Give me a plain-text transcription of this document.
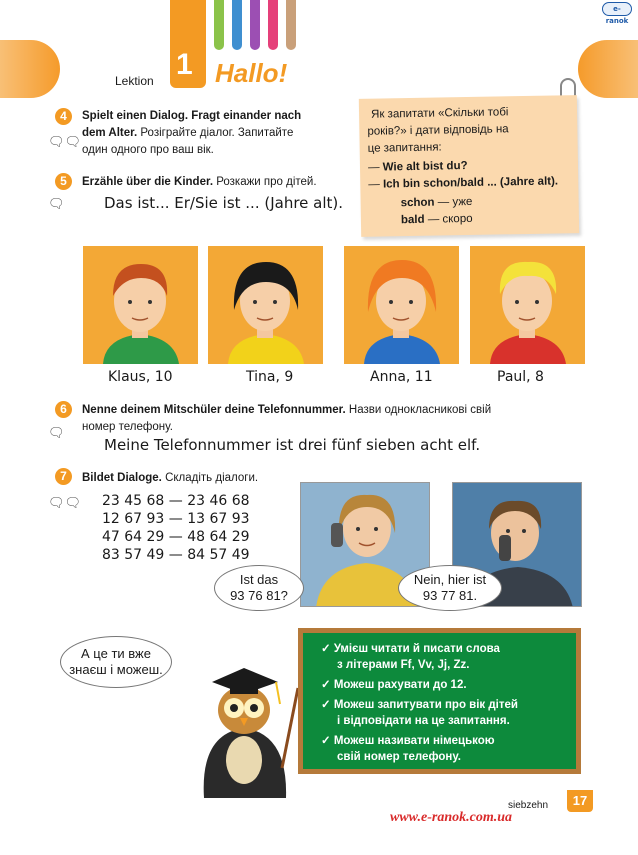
Lektion 1 Hallo!
e-ranok
4
🗨🗨
Spielt einen Dialog. Fragt einander nach
dem Alter. Розіграйте діалог. Запитайте
один одного про ваш вік.
5
🗨
Erzähle über die Kinder. Розкажи про дітей.
Das ist... Er/Sie ist ... (Jahre alt).
Як запитати «Скільки тобі
років?» і дати відповідь на
це запитання:
— Wie alt bist du?
— Ich bin schon/bald ... (Jahre alt).
schon — уже
bald — скоро
Klaus, 10	Tina, 9	Anna, 11	Paul, 8
6
🗨
Nenne deinem Mitschüler deine Telefonnummer. Назви однокласникові свій
номер телефону.
Meine Telefonnummer ist drei fünf sieben acht elf.
7
🗨🗨
Bildet Dialoge. Складіть діалоги.
23 45 68 — 23 46 68
12 67 93 — 13 67 93
47 64 29 — 48 64 29
83 57 49 — 84 57 49
Ist das
93 76 81?
Nein, hier ist
93 77 81.
А це ти вже
знаєш і можеш.
✓ Умієш читати й писати слова
з літерами Ff, Vv, Jj, Zz.
✓ Можеш рахувати до 12.
✓ Можеш запитувати про вік дітей
і відповідати на це запитання.
✓ Можеш називати німецькою
свій номер телефону.
siebzehn	17
www.e-ranok.com.ua
